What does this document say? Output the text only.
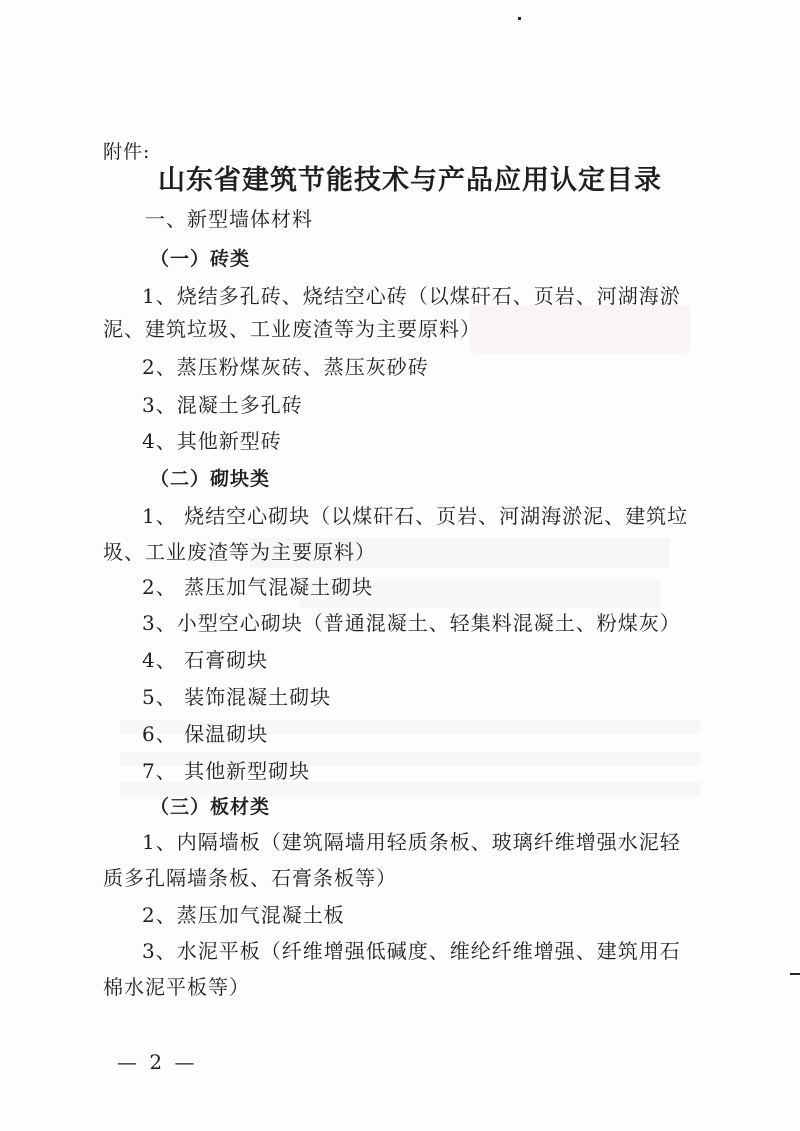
附件:
山东省建筑节能技术与产品应用认定目录
一、新型墙体材料
（一）砖类
1、烧结多孔砖、烧结空心砖（以煤矸石、页岩、河湖海淤
泥、建筑垃圾、工业废渣等为主要原料）
2、蒸压粉煤灰砖、蒸压灰砂砖
3、混凝土多孔砖
4、其他新型砖
（二）砌块类
1、 烧结空心砌块（以煤矸石、页岩、河湖海淤泥、建筑垃
圾、工业废渣等为主要原料）
2、 蒸压加气混凝土砌块
3、小型空心砌块（普通混凝土、轻集料混凝土、粉煤灰）
4、 石膏砌块
5、 装饰混凝土砌块
6、 保温砌块
7、 其他新型砌块
（三）板材类
1、内隔墙板（建筑隔墙用轻质条板、玻璃纤维增强水泥轻
质多孔隔墙条板、石膏条板等）
2、蒸压加气混凝土板
3、水泥平板（纤维增强低碱度、维纶纤维增强、建筑用石
棉水泥平板等）
— 2 —
